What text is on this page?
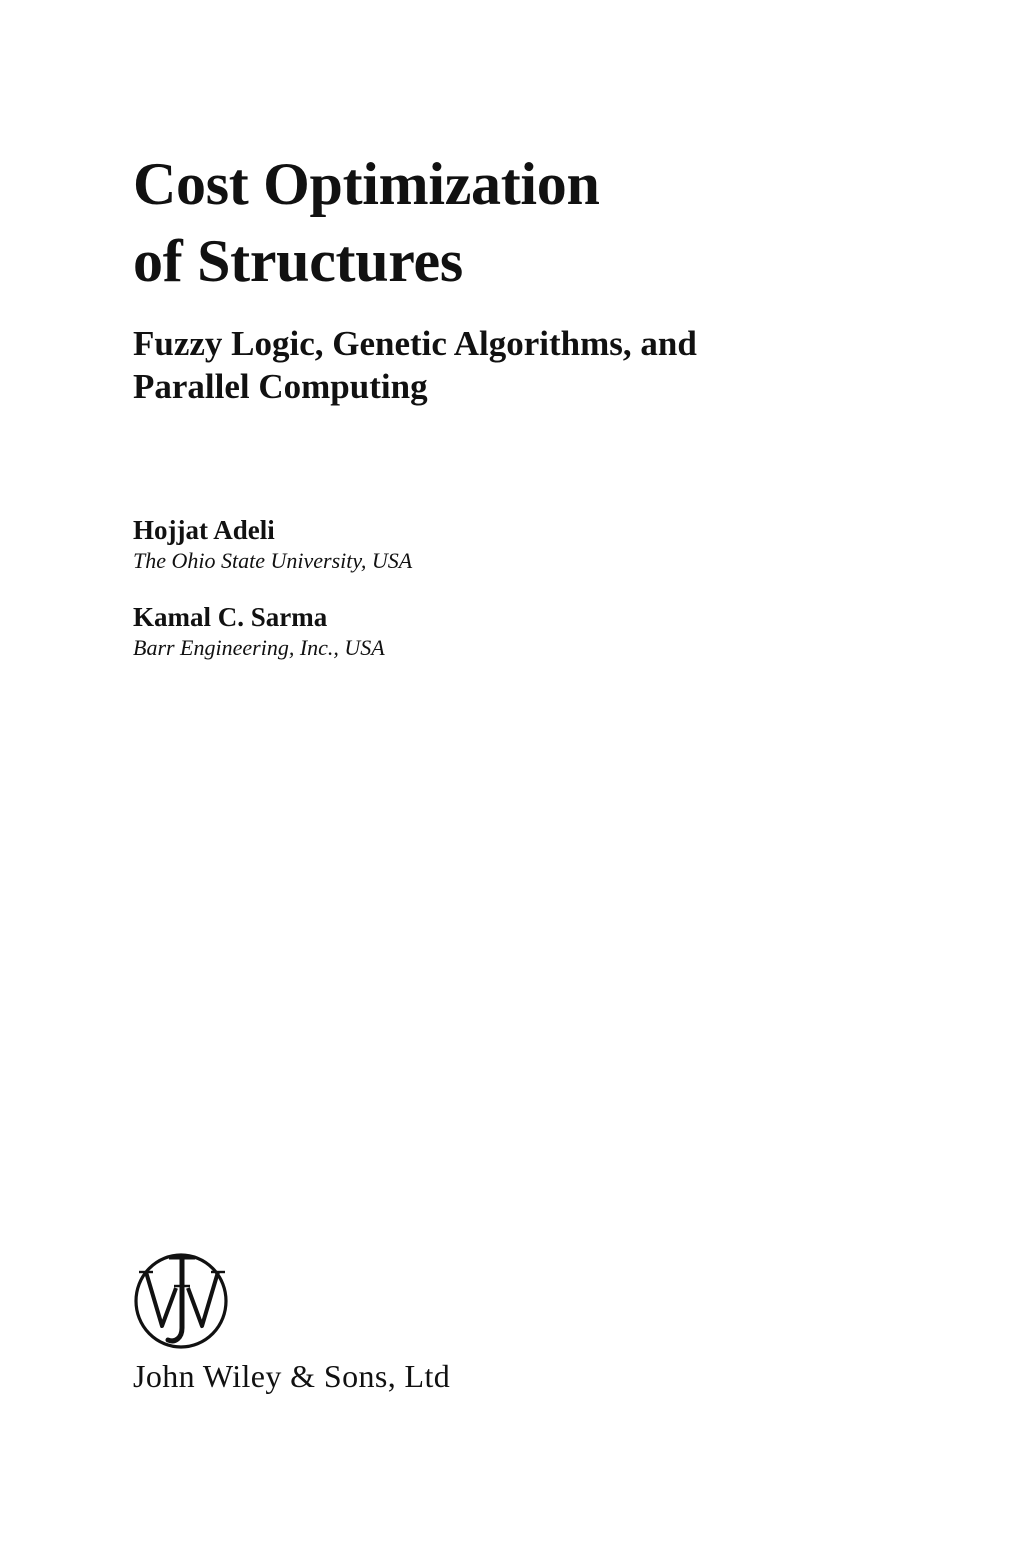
Cost Optimization
of Structures
Fuzzy Logic, Genetic Algorithms, and
Parallel Computing
Hojjat Adeli
The Ohio State University, USA
Kamal C. Sarma
Barr Engineering, Inc., USA
John Wiley & Sons, Ltd
